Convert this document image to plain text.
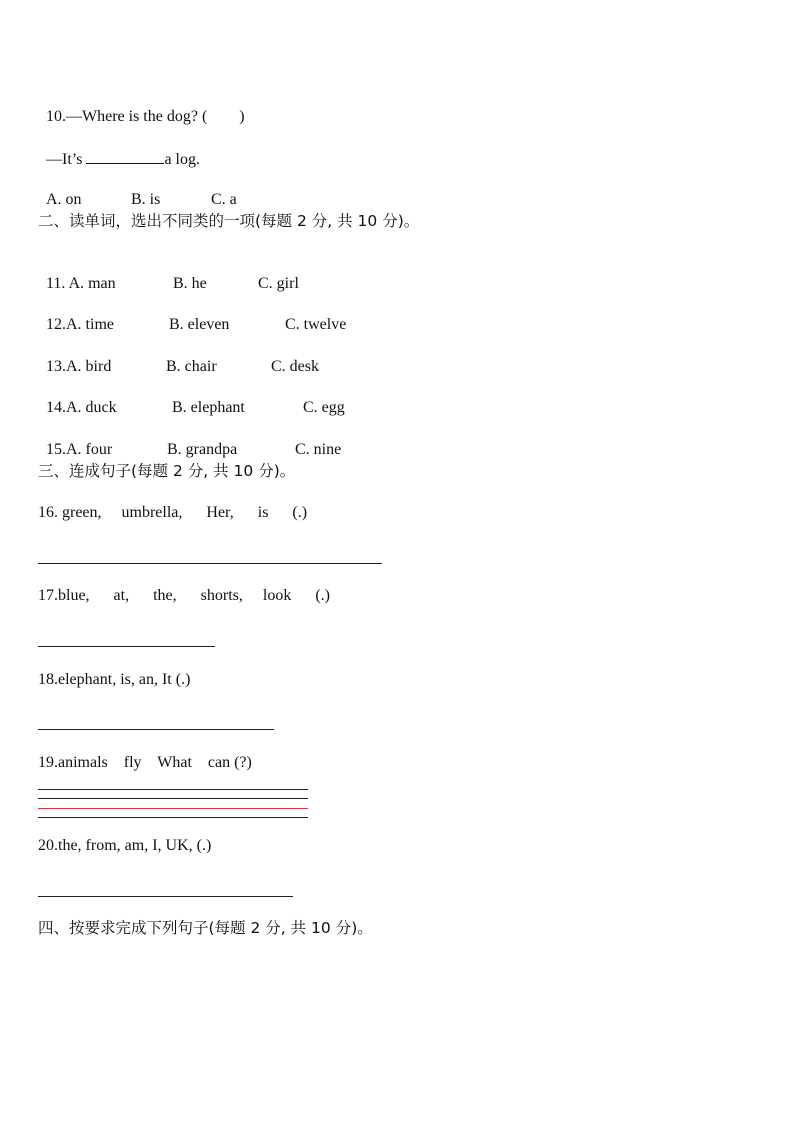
10.—Where is the dog? (        )

—It’s	a log.

A. on	B. is	C. a

二、读单词，选出不同类的一项(每题 2 分, 共 10 分)。

11. A. man	B. he	C. girl

12.A. time	B. eleven	C. twelve

13.A. bird	B. chair	C. desk

14.A. duck	B. elephant	C. egg

15.A. four	B. grandpa	C. nine

三、连成句子(每题 2 分, 共 10 分)。
16. green,     umbrella,      Her,      is      (.)
17.blue,      at,      the,      shorts,     look      (.)
18.elephant, is, an, It (.)
19.animals    fly    What    can (?)
20.the, from, am, I, UK, (.)
四、按要求完成下列句子(每题 2 分, 共 10 分)。
